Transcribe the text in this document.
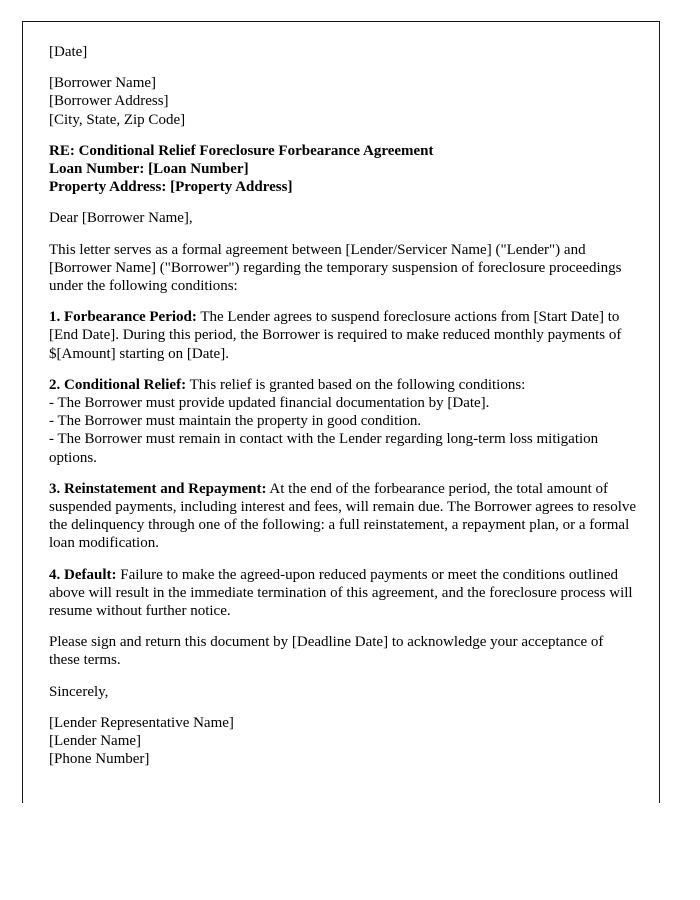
[Date]
[Borrower Name]
[Borrower Address]
[City, State, Zip Code]
RE: Conditional Relief Foreclosure Forbearance Agreement
Loan Number: [Loan Number]
Property Address: [Property Address]
Dear [Borrower Name],
This letter serves as a formal agreement between [Lender/Servicer Name] ("Lender") and [Borrower Name] ("Borrower") regarding the temporary suspension of foreclosure proceedings under the following conditions:
1. Forbearance Period: The Lender agrees to suspend foreclosure actions from [Start Date] to [End Date]. During this period, the Borrower is required to make reduced monthly payments of $[Amount] starting on [Date].
2. Conditional Relief: This relief is granted based on the following conditions:
- The Borrower must provide updated financial documentation by [Date].
- The Borrower must maintain the property in good condition.
- The Borrower must remain in contact with the Lender regarding long-term loss mitigation options.
3. Reinstatement and Repayment: At the end of the forbearance period, the total amount of suspended payments, including interest and fees, will remain due. The Borrower agrees to resolve the delinquency through one of the following: a full reinstatement, a repayment plan, or a formal loan modification.
4. Default: Failure to make the agreed-upon reduced payments or meet the conditions outlined above will result in the immediate termination of this agreement, and the foreclosure process will resume without further notice.
Please sign and return this document by [Deadline Date] to acknowledge your acceptance of these terms.
Sincerely,
[Lender Representative Name]
[Lender Name]
[Phone Number]
